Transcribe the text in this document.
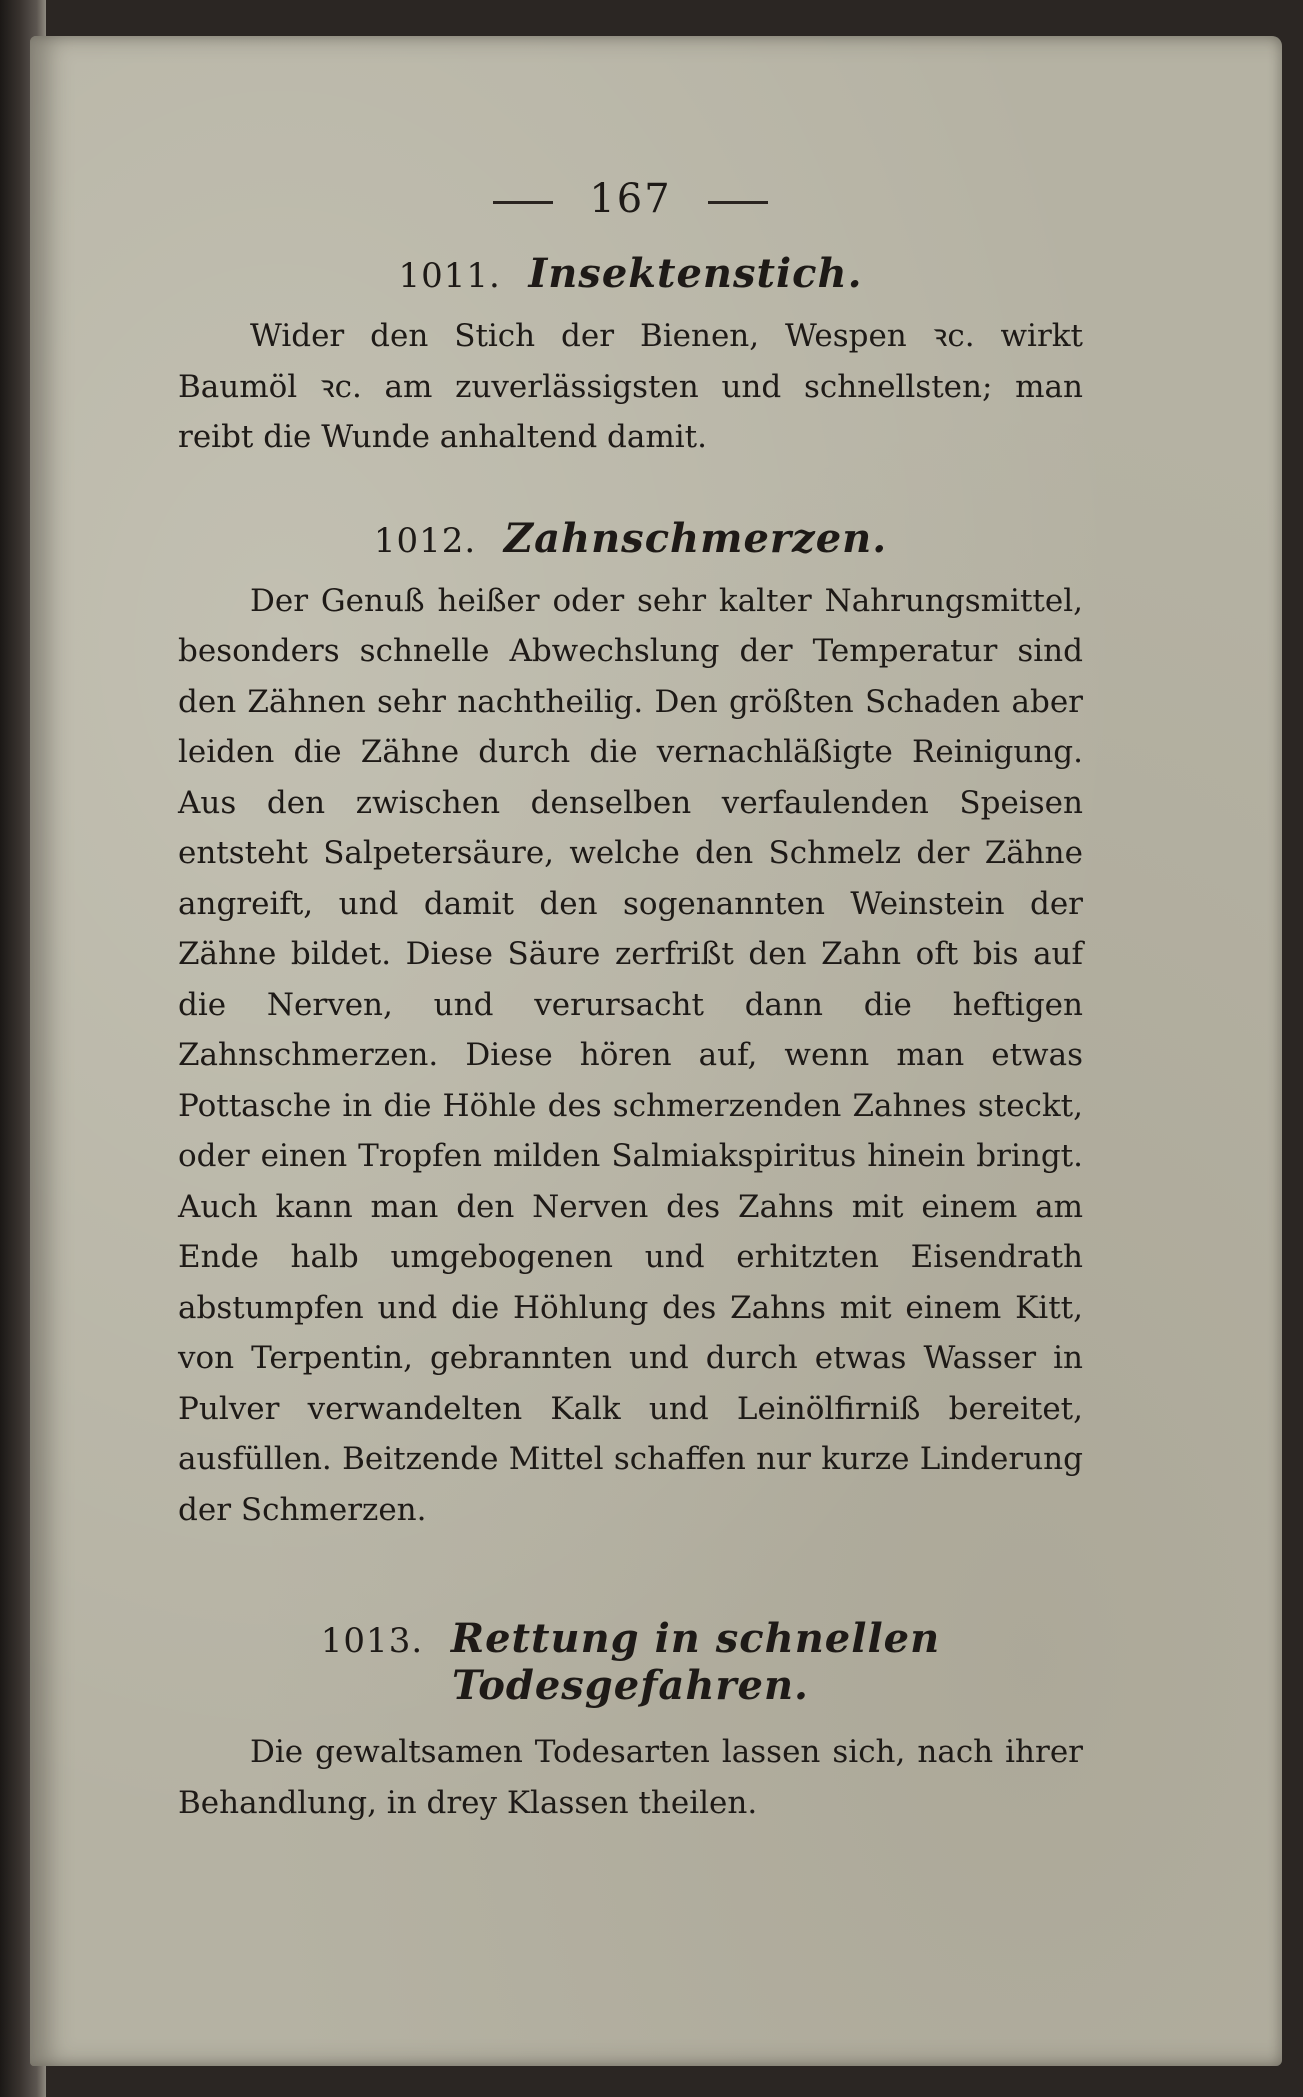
167
1011. Insektenstich.

Wider den Stich der Bienen, Wespen ꝛc. wirkt Baumöl ꝛc. am zuverlässigsten und schnellsten; man reibt die Wunde anhaltend damit.

1012. Zahnschmerzen.

Der Genuß heißer oder sehr kalter Nahrungsmittel, besonders schnelle Abwechslung der Temperatur sind den Zähnen sehr nachtheilig. Den größten Schaden aber leiden die Zähne durch die vernachläßigte Reinigung. Aus den zwischen denselben verfaulenden Speisen entsteht Salpetersäure, welche den Schmelz der Zähne angreift, und damit den sogenannten Weinstein der Zähne bildet. Diese Säure zerfrißt den Zahn oft bis auf die Nerven, und verursacht dann die heftigen Zahnschmerzen. Diese hören auf, wenn man etwas Pottasche in die Höhle des schmerzenden Zahnes steckt, oder einen Tropfen milden Salmiakspiritus hinein bringt. Auch kann man den Nerven des Zahns mit einem am Ende halb umgebogenen und erhitzten Eisendrath abstumpfen und die Höhlung des Zahns mit einem Kitt, von Terpentin, gebrannten und durch etwas Wasser in Pulver verwandelten Kalk und Leinölfirniß bereitet, ausfüllen. Beitzende Mittel schaffen nur kurze Linderung der Schmerzen.

1013. Rettung in schnellen Todesgefahren.

Die gewaltsamen Todesarten lassen sich, nach ihrer Behandlung, in drey Klassen theilen.
